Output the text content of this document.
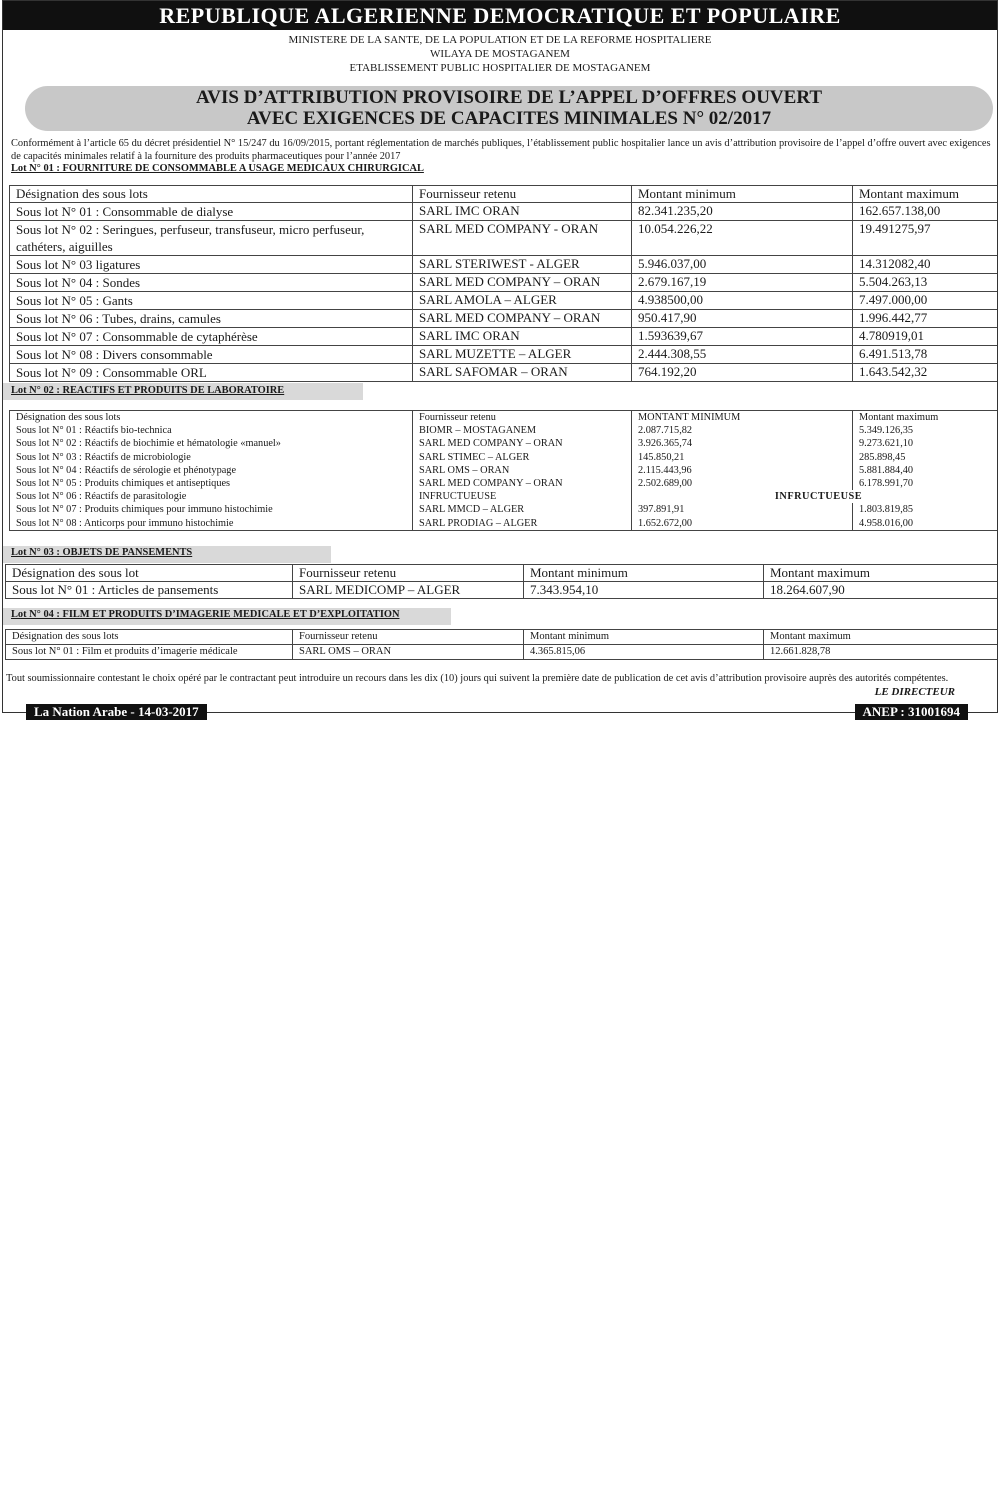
REPUBLIQUE ALGERIENNE DEMOCRATIQUE ET POPULAIRE
MINISTERE DE LA SANTE, DE LA POPULATION ET DE LA REFORME HOSPITALIERE
WILAYA DE MOSTAGANEM
ETABLISSEMENT PUBLIC HOSPITALIER DE MOSTAGANEM
AVIS D’ATTRIBUTION PROVISOIRE DE L’APPEL D’OFFRES OUVERT
AVEC EXIGENCES DE CAPACITES MINIMALES N° 02/2017
Conformément à l’article 65 du décret présidentiel N° 15/247 du 16/09/2015, portant réglementation de marchés publiques, l’établissement public hospitalier lance un avis d’attribution provisoire de l’appel d’offre ouvert avec exigences de capacités minimales relatif à la fourniture des produits pharmaceutiques pour l’année 2017
Lot N° 01 : FOURNITURE DE CONSOMMABLE A USAGE MEDICAUX CHIRURGICAL
Désignation des sous lots	Fournisseur retenu	Montant minimum	Montant maximum
Sous lot N° 01 : Consommable de dialyse	SARL IMC ORAN	82.341.235,20	162.657.138,00
Sous lot N° 02 : Seringues, perfuseur, transfuseur, micro perfuseur, cathéters, aiguilles	SARL MED COMPANY - ORAN	10.054.226,22	19.491275,97
Sous lot N° 03 ligatures	SARL STERIWEST - ALGER	5.946.037,00	14.312082,40
Sous lot N° 04 : Sondes	SARL MED COMPANY – ORAN	2.679.167,19	5.504.263,13
Sous lot N° 05 : Gants	SARL AMOLA – ALGER	4.938500,00	7.497.000,00
Sous lot N° 06 : Tubes, drains, camules	SARL MED COMPANY – ORAN	950.417,90	1.996.442,77
Sous lot N° 07 : Consommable de cytaphérèse	SARL IMC ORAN	1.593639,67	4.780919,01
Sous lot N° 08 : Divers consommable	SARL MUZETTE – ALGER	2.444.308,55	6.491.513,78
Sous lot N° 09 : Consommable ORL	SARL SAFOMAR – ORAN	764.192,20	1.643.542,32
Lot N° 02 : REACTIFS ET PRODUITS DE LABORATOIRE
Désignation des sous lots	Fournisseur retenu	MONTANT MINIMUM	Montant maximum
Sous lot N° 01 : Réactifs bio-technica	BIOMR – MOSTAGANEM	2.087.715,82	5.349.126,35
Sous lot N° 02 : Réactifs de biochimie et hématologie «manuel»	SARL MED COMPANY – ORAN	3.926.365,74	9.273.621,10
Sous lot N° 03 : Réactifs de microbiologie	SARL STIMEC – ALGER	145.850,21	285.898,45
Sous lot N° 04 : Réactifs de sérologie et phénotypage	SARL OMS – ORAN	2.115.443,96	5.881.884,40
Sous lot N° 05 : Produits chimiques et antiseptiques	SARL MED COMPANY – ORAN	2.502.689,00	6.178.991,70
Sous lot N° 06 : Réactifs de parasitologie	INFRUCTUEUSE	INFRUCTUEUSE	
Sous lot N° 07 : Produits chimiques pour immuno histochimie	SARL MMCD – ALGER	397.891,91	1.803.819,85
Sous lot N° 08 : Anticorps pour immuno histochimie	SARL PRODIAG – ALGER	1.652.672,00	4.958.016,00
Lot N° 03 : OBJETS DE PANSEMENTS
Désignation des sous lot	Fournisseur retenu	Montant minimum	Montant maximum
Sous lot N° 01 : Articles de pansements	SARL MEDICOMP – ALGER	7.343.954,10	18.264.607,90
Lot N° 04 : FILM ET PRODUITS D’IMAGERIE MEDICALE ET D’EXPLOITATION
Désignation des sous lots	Fournisseur retenu	Montant minimum	Montant maximum
Sous lot N° 01 : Film et produits d’imagerie médicale	SARL OMS – ORAN	4.365.815,06	12.661.828,78
Tout soumissionnaire contestant le choix opéré par le contractant peut introduire un recours dans les dix (10) jours qui suivent la première date de publication de cet avis d’attribution provisoire auprès des autorités compétentes.
LE DIRECTEUR
La Nation Arabe - 14-03-2017	ANEP : 31001694
